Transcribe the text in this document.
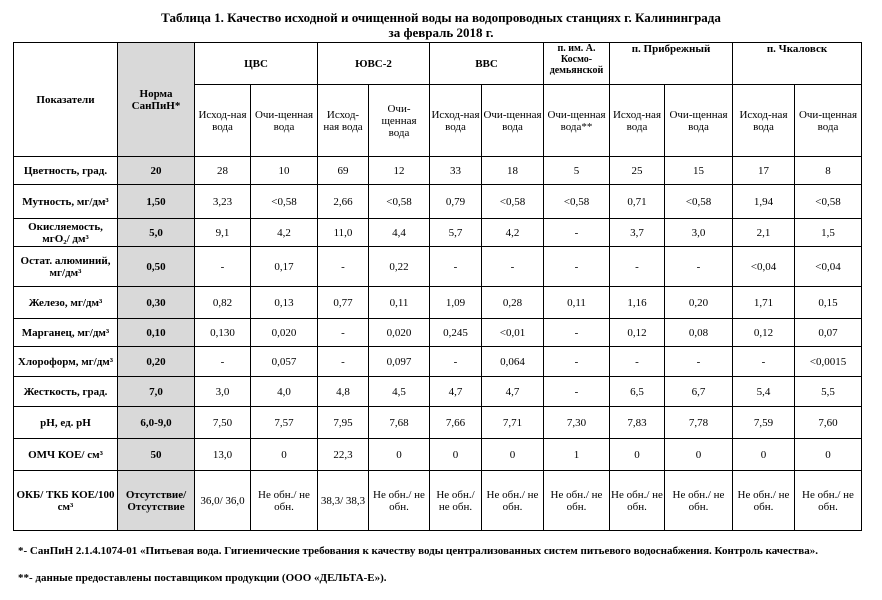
Таблица 1. Качество исходной и очищенной воды на водопроводных станциях г. Калининграда
за февраль 2018 г.
Показатели	Норма СанПиН*	ЦВС		ЮВС-2		ВВС		п. им. А. Космо-демьянской	п. Прибрежный		п. Чкаловск	
		Исход-ная вода	Очи-щенная вода	Исход-ная вода	Очи-щенная вода	Исход-ная вода	Очи-щенная вода	Очи-щенная вода**	Исход-ная вода	Очи-щенная вода	Исход-ная вода	Очи-щенная вода
Цветность, град.	20	28	10	69	12	33	18	5	25	15	17	8
Мутность, мг/дм³	1,50	3,23	<0,58	2,66	<0,58	0,79	<0,58	<0,58	0,71	<0,58	1,94	<0,58
Окисляемость, мгО₂/ дм³	5,0	9,1	4,2	11,0	4,4	5,7	4,2	-	3,7	3,0	2,1	1,5
Остат. алюминий, мг/дм³	0,50	-	0,17	-	0,22	-	-	-	-	-	<0,04	<0,04
Железо, мг/дм³	0,30	0,82	0,13	0,77	0,11	1,09	0,28	0,11	1,16	0,20	1,71	0,15
Марганец, мг/дм³	0,10	0,130	0,020	-	0,020	0,245	<0,01	-	0,12	0,08	0,12	0,07
Хлороформ, мг/дм³	0,20	-	0,057	-	0,097	-	0,064	-	-	-	-	<0,0015
Жесткость, град.	7,0	3,0	4,0	4,8	4,5	4,7	4,7	-	6,5	6,7	5,4	5,5
pH, ед. pH	6,0-9,0	7,50	7,57	7,95	7,68	7,66	7,71	7,30	7,83	7,78	7,59	7,60
ОМЧ КОЕ/ см³	50	13,0	0	22,3	0	0	0	1	0	0	0	0
ОКБ/ ТКБ КОЕ/100 см³	Отсутствие/ Отсутствие	36,0/ 36,0	Не обн./ не обн.	38,3/ 38,3	Не обн./ не обн.	Не обн./ не обн.	Не обн./ не обн.	Не обн./ не обн.	Не обн./ не обн.	Не обн./ не обн.	Не обн./ не обн.	Не обн./ не обн.
*- СанПиН 2.1.4.1074-01 «Питьевая вода. Гигиенические требования к качеству воды централизованных систем питьевого водоснабжения. Контроль качества».
**- данные предоставлены поставщиком продукции (ООО «ДЕЛЬТА-Е»).
